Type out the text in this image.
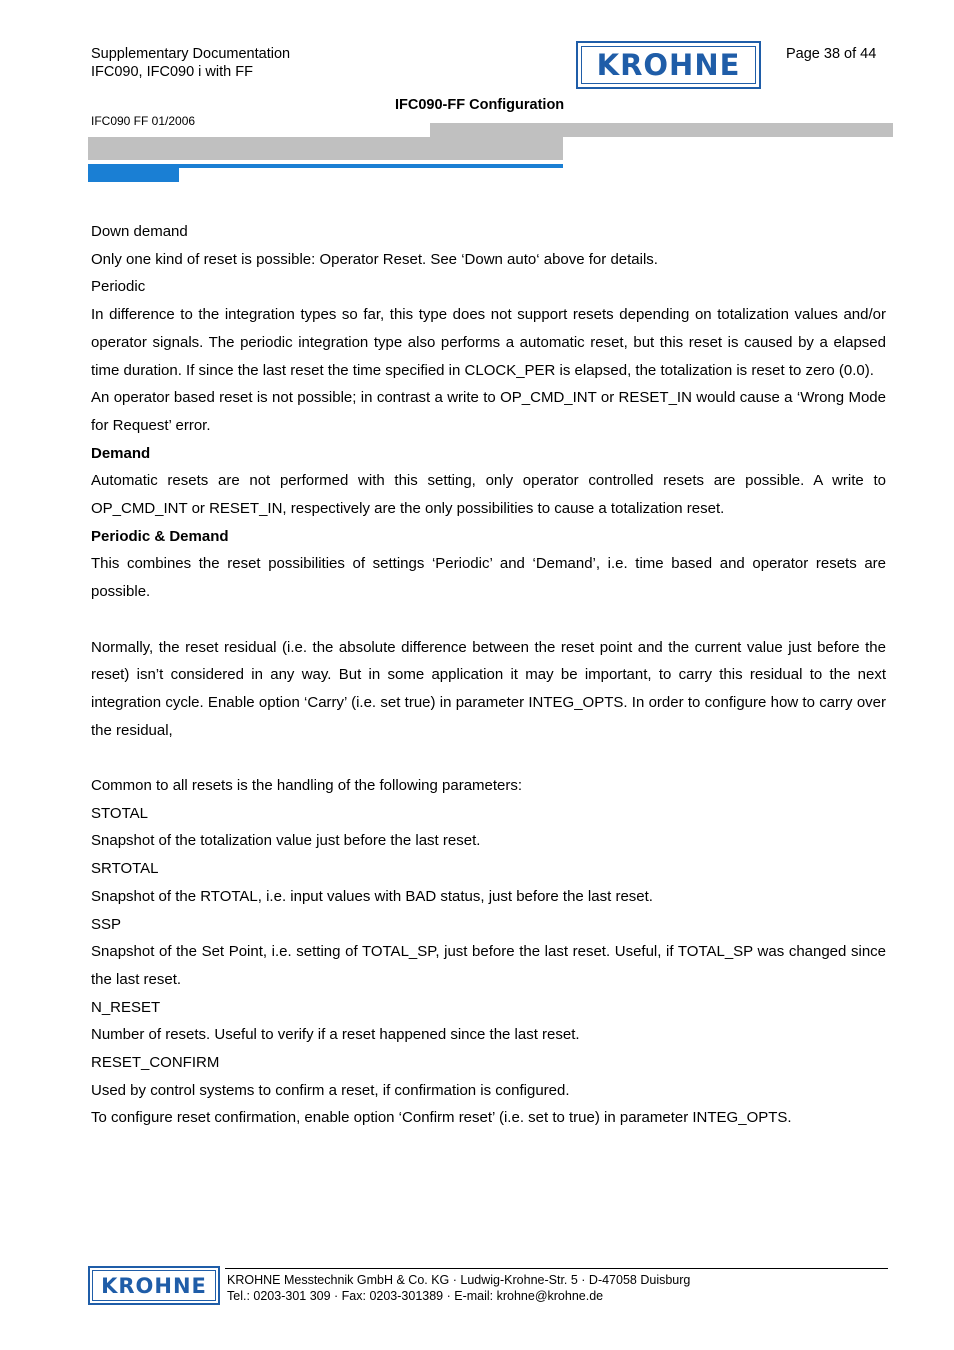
Supplementary Documentation
IFC090, IFC090 i with FF	KROHNE	Page 38 of 44
IFC090-FF Configuration
IFC090 FF 01/2006

Down demand

Only one kind of reset is possible: Operator Reset. See ‘Down auto‘ above for details.

Periodic

In difference to the integration types so far, this type does not support resets depending on totalization values and/or operator signals. The periodic integration type also performs a automatic reset, but this reset is caused by a elapsed time duration. If since the last reset the time specified in CLOCK_PER is elapsed, the totalization is reset to zero (0.0).

An operator based reset is not possible; in contrast a write to OP_CMD_INT or RESET_IN would cause a ‘Wrong Mode for Request’ error.

Demand

Automatic resets are not performed with this setting, only operator controlled resets are possible. A write to OP_CMD_INT or RESET_IN, respectively are the only possibilities to cause a totalization reset.

Periodic & Demand

This combines the reset possibilities of settings ‘Periodic’ and ‘Demand’, i.e. time based and operator resets are possible.

Normally, the reset residual (i.e. the absolute difference between the reset point and the current value just before the reset) isn’t considered in any way. But in some application it may be important, to carry this residual to the next integration cycle. Enable option ‘Carry’ (i.e. set true) in parameter INTEG_OPTS. In order to configure how to carry over the residual,

Common to all resets is the handling of the following parameters:

STOTAL

Snapshot of the totalization value just before the last reset.

SRTOTAL

Snapshot of the RTOTAL, i.e. input values with BAD status, just before the last reset.

SSP

Snapshot of the Set Point, i.e. setting of TOTAL_SP, just before the last reset. Useful, if TOTAL_SP was changed since the last reset.

N_RESET

Number of resets. Useful to verify if a reset happened since the last reset.

RESET_CONFIRM

Used by control systems to confirm a reset, if confirmation is configured.

To configure reset confirmation, enable option ‘Confirm reset’ (i.e. set to true) in parameter INTEG_OPTS.

KROHNE	KROHNE Messtechnik GmbH & Co. KG · Ludwig-Krohne-Str. 5 · D-47058 Duisburg
Tel.: 0203-301 309 · Fax: 0203-301389 · E-mail: krohne@krohne.de
